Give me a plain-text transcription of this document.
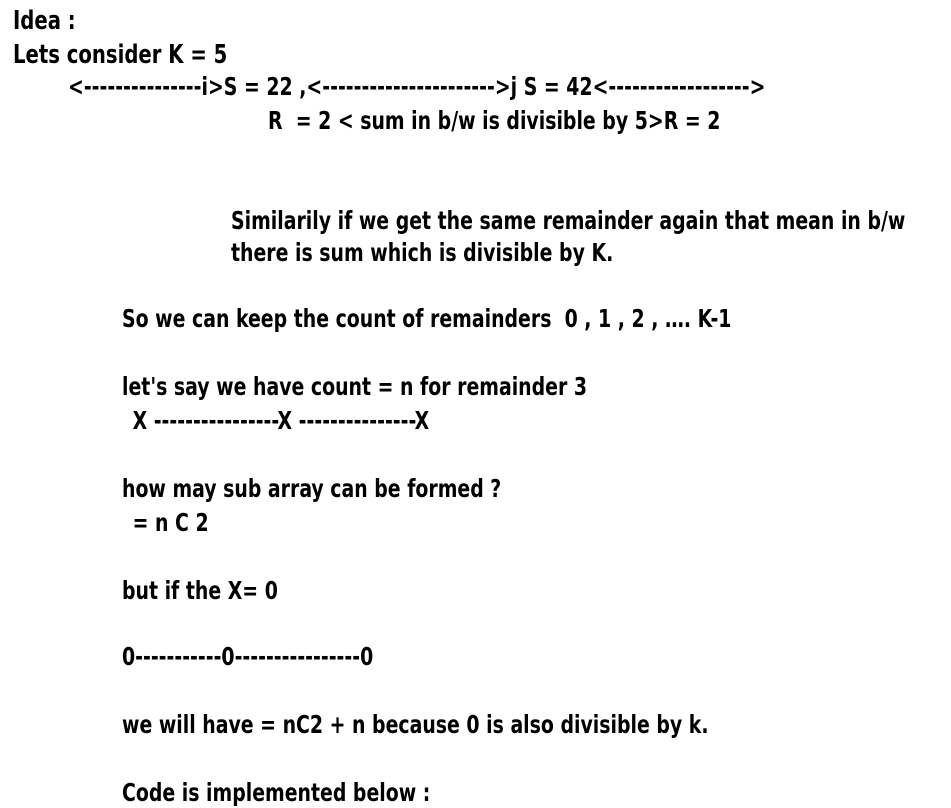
Idea :
Lets consider K = 5
<---------------i>S = 22 ,<---------------------->j S = 42<------------------>
R  = 2 < sum in b/w is divisible by 5>R = 2
Similarily if we get the same remainder again that mean in b/w
there is sum which is divisible by K.
So we can keep the count of remainders  0 , 1 , 2 , …. K-1
let's say we have count = n for remainder 3
X ----------------X ---------------X
how may sub array can be formed ?
= n C 2
but if the X= 0
0-----------0----------------0
we will have = nC2 + n because 0 is also divisible by k.
Code is implemented below :
